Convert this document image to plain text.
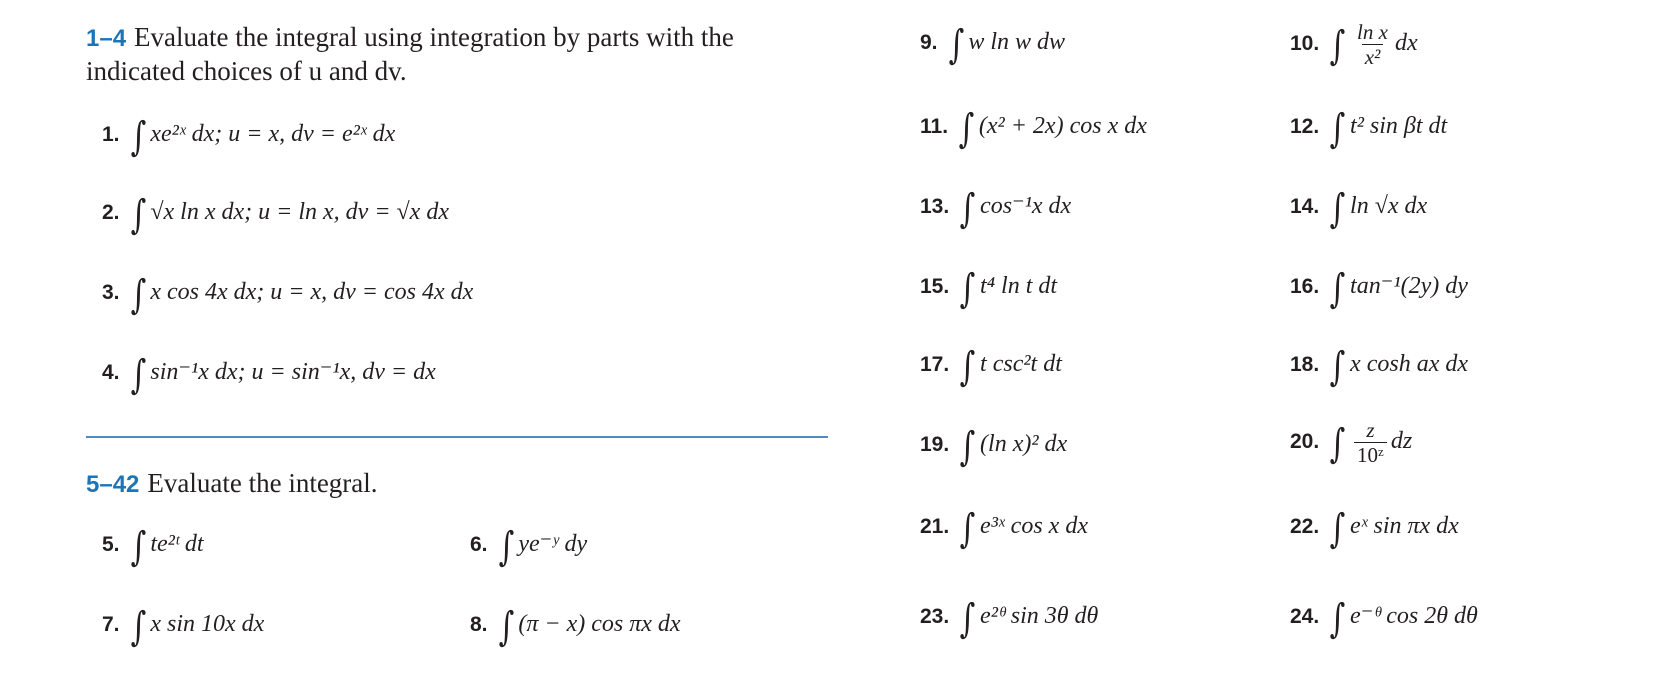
1–4 Evaluate the integral using integration by parts with the
indicated choices of u and dv.
1. ∫ xe²ˣ dx; u = x, dv = e²ˣ dx
2. ∫ √x ln x dx; u = ln x, dv = √x dx
3. ∫ x cos 4x dx; u = x, dv = cos 4x dx
4. ∫ sin⁻¹x dx; u = sin⁻¹x, dv = dx
5–42 Evaluate the integral.
5. ∫ te²ᵗ dt	6. ∫ ye⁻ʸ dy
7. ∫ x sin 10x dx	8. ∫ (π − x) cos πx dx
9. ∫ w ln w dw
11. ∫ (x² + 2x) cos x dx
13. ∫ cos⁻¹x dx
15. ∫ t⁴ ln t dt
17. ∫ t csc²t dt
19. ∫ (ln x)² dx
21. ∫ e³ˣ cos x dx
23. ∫ e²ᶿ sin 3θ dθ
10. ∫ $\frac{\text{ln x}}{\text{x²}}$ dx
12. ∫ t² sin βt dt
14. ∫ ln √x dx
16. ∫ tan⁻¹(2y) dy
18. ∫ x cosh ax dx
20. ∫ $\frac{z}{\text{10ᶻ}}$ dz
22. ∫ eˣ sin πx dx
24. ∫ e⁻ᶿ cos 2θ dθ
